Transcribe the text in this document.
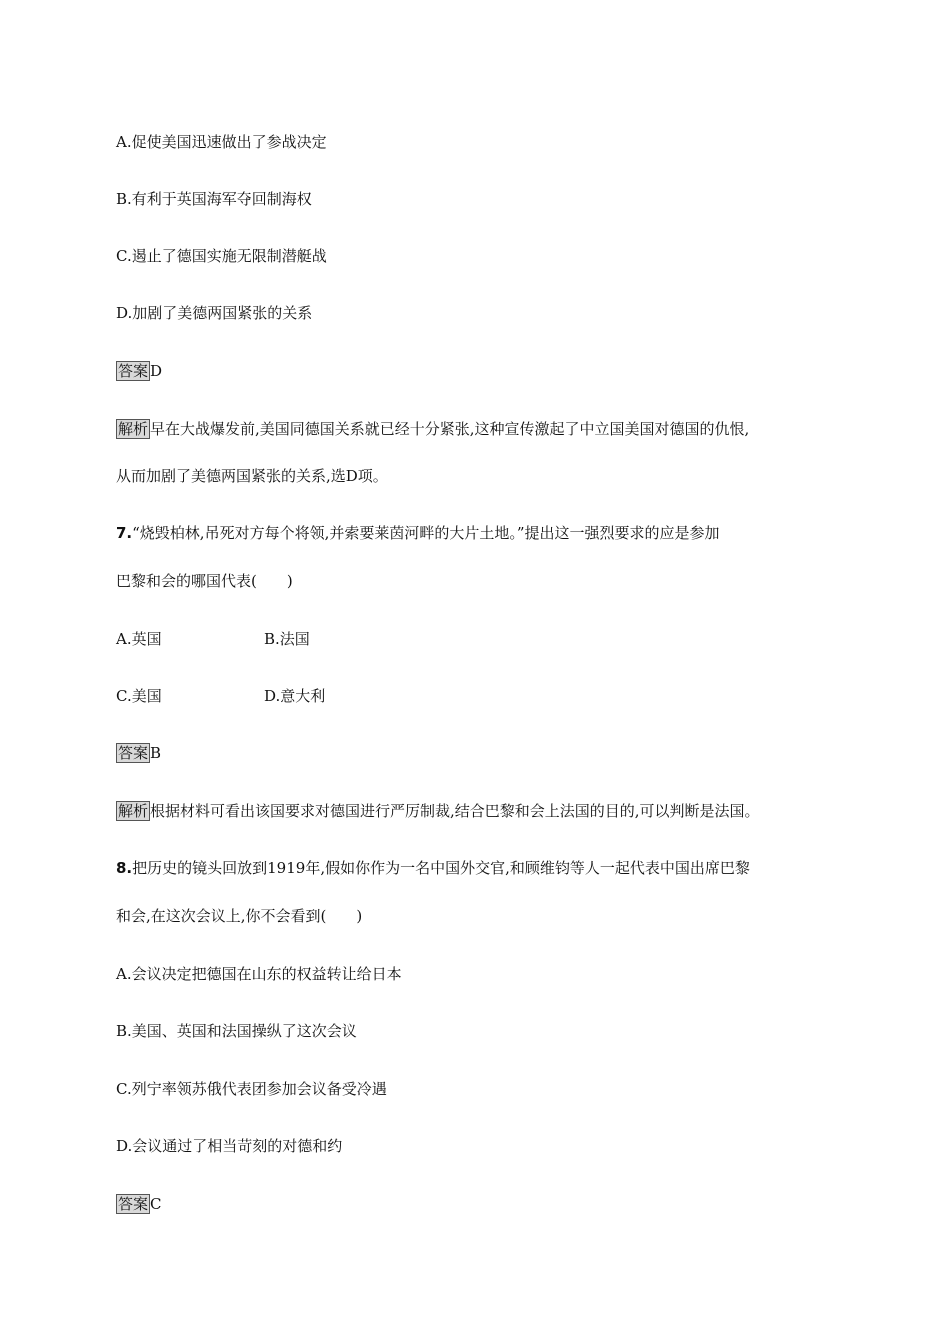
A.促使美国迅速做出了参战决定
B.有利于英国海军夺回制海权
C.遏止了德国实施无限制潜艇战
D.加剧了美德两国紧张的关系
答案 D
解析 早在大战爆发前,美国同德国关系就已经十分紧张,这种宣传激起了中立国美国对德国的仇恨,
从而加剧了美德两国紧张的关系,选D项。
7.“烧毁柏林,吊死对方每个将领,并索要莱茵河畔的大片土地。”提出这一强烈要求的应是参加
巴黎和会的哪国代表(　　)
A.英国	B.法国
C.美国	D.意大利
答案 B
解析 根据材料可看出该国要求对德国进行严厉制裁,结合巴黎和会上法国的目的,可以判断是法国。
8.把历史的镜头回放到1919年,假如你作为一名中国外交官,和顾维钧等人一起代表中国出席巴黎
和会,在这次会议上,你不会看到(　　)
A.会议决定把德国在山东的权益转让给日本
B.美国、英国和法国操纵了这次会议
C.列宁率领苏俄代表团参加会议备受冷遇
D.会议通过了相当苛刻的对德和约
答案 C
